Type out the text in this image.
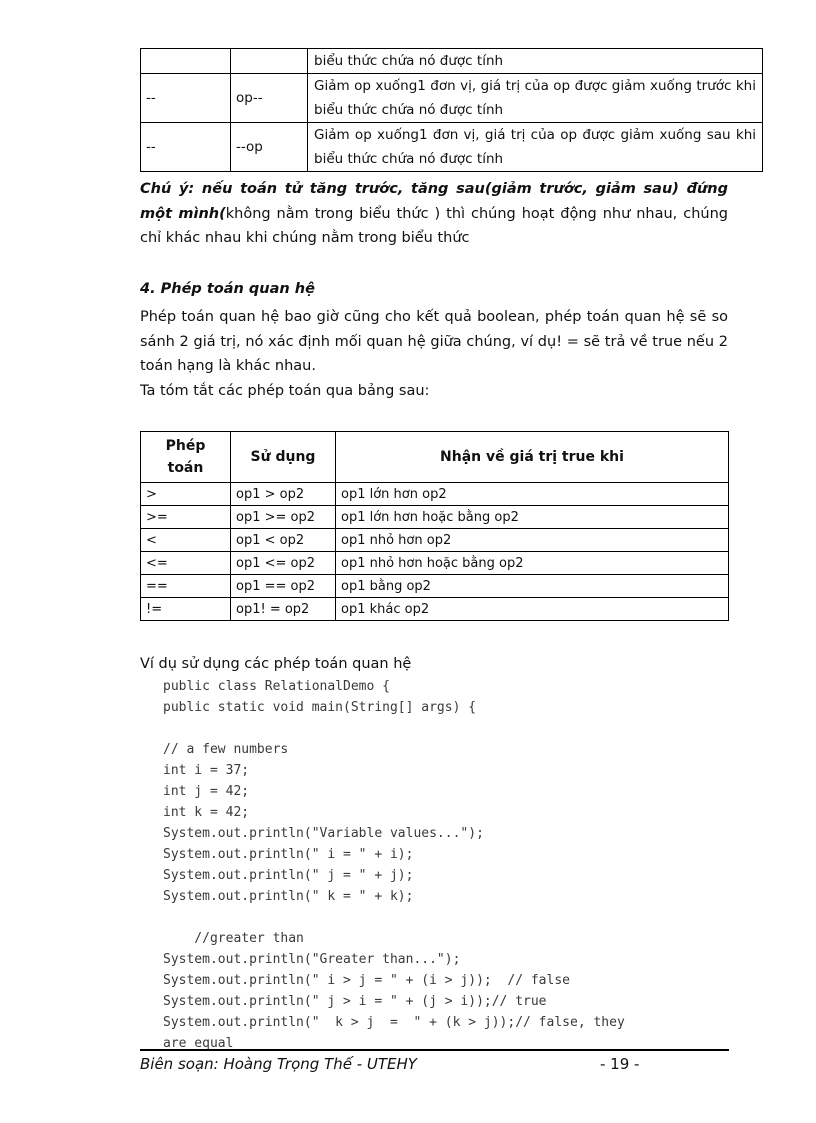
		biểu thức chứa nó được tính
--	op--	Giảm op xuống1 đơn vị, giá trị của op được giảm xuống trước khi biểu thức chứa nó được tính
--	--op	Giảm op xuống1 đơn vị, giá trị của op được giảm xuống sau khi biểu thức chứa nó được tính

Chú ý: nếu toán tử tăng trước, tăng sau(giảm trước, giảm sau) đứng một mình(không nằm trong biểu thức ) thì chúng hoạt động như nhau, chúng chỉ khác nhau khi chúng nằm trong biểu thức

4. Phép toán quan hệ

Phép toán quan hệ bao giờ cũng cho kết quả boolean, phép toán quan hệ sẽ so sánh 2 giá trị, nó xác định mối quan hệ giữa chúng, ví dụ! = sẽ trả về true nếu 2 toán hạng là khác nhau.

Ta tóm tắt các phép toán qua bảng sau:

Phép toán	Sử dụng	Nhận về giá trị true khi
>	op1 > op2	op1 lớn hơn op2
>=	op1 >= op2	op1 lớn hơn hoặc bằng op2
<	op1 < op2	op1 nhỏ hơn op2
<=	op1 <= op2	op1 nhỏ hơn hoặc bằng op2
==	op1 == op2	op1 bằng op2
!=	op1! = op2	op1 khác op2

Ví dụ sử dụng các phép toán quan hệ

public class RelationalDemo {
public static void main(String[] args) {

// a few numbers
int i = 37;
int j = 42;
int k = 42;
System.out.println("Variable values...");
System.out.println(" i = " + i);
System.out.println(" j = " + j);
System.out.println(" k = " + k);

//greater than
System.out.println("Greater than...");
System.out.println(" i > j = " + (i > j));  // false
System.out.println(" j > i = " + (j > i));// true
System.out.println("  k > j  =  " + (k > j));// false, they
are equal
Biên soạn: Hoàng Trọng Thế - UTEHY	- 19 -
